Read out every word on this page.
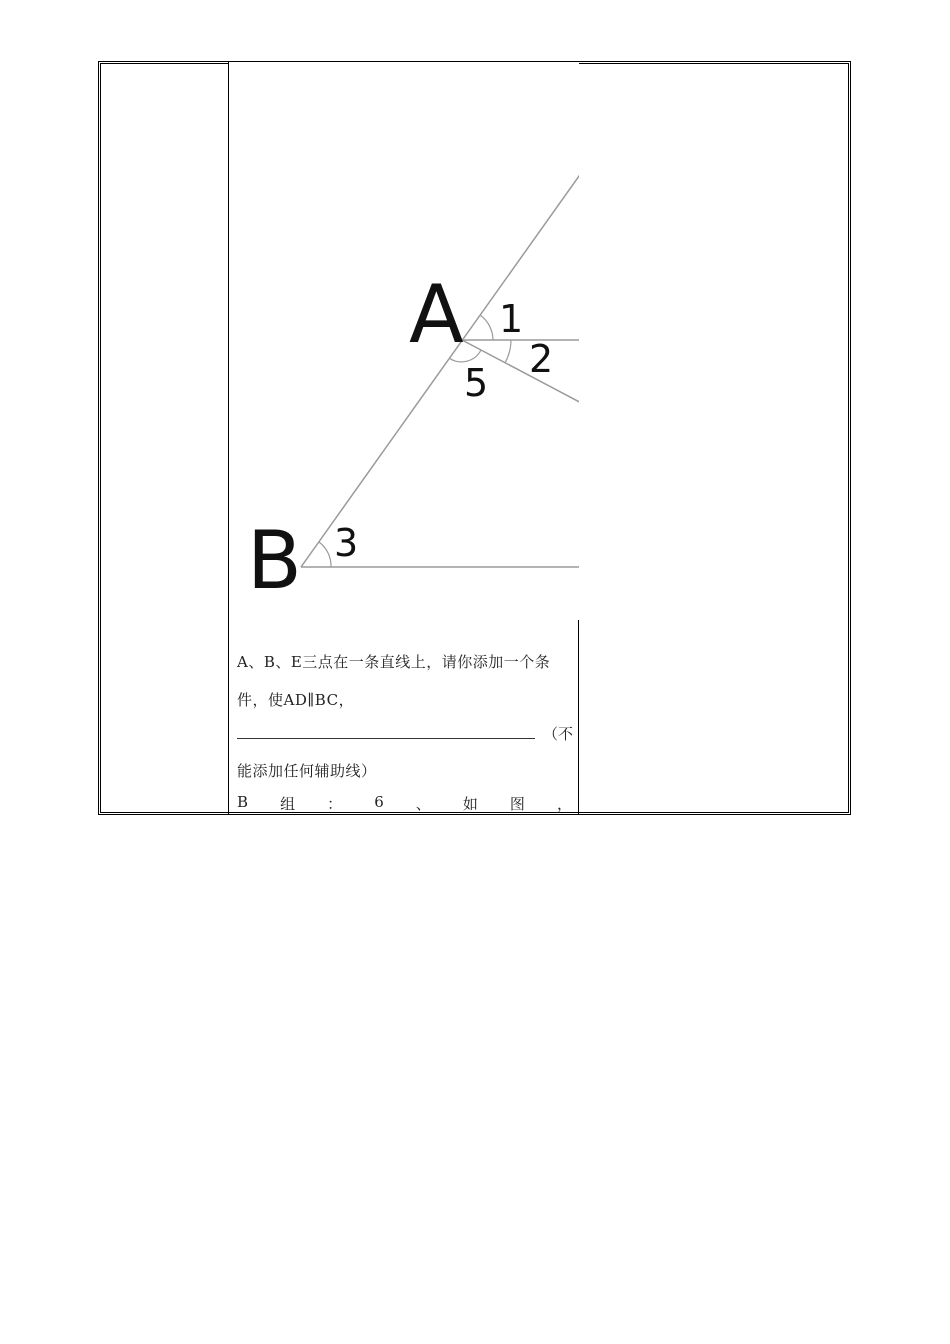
A
B
1
2
3
5
A、B、E三点在一条直线上，请你添加一个条
件，使AD∥BC，
（不
能添加任何辅助线）
B 组 ： 6 、 如 图 ，
